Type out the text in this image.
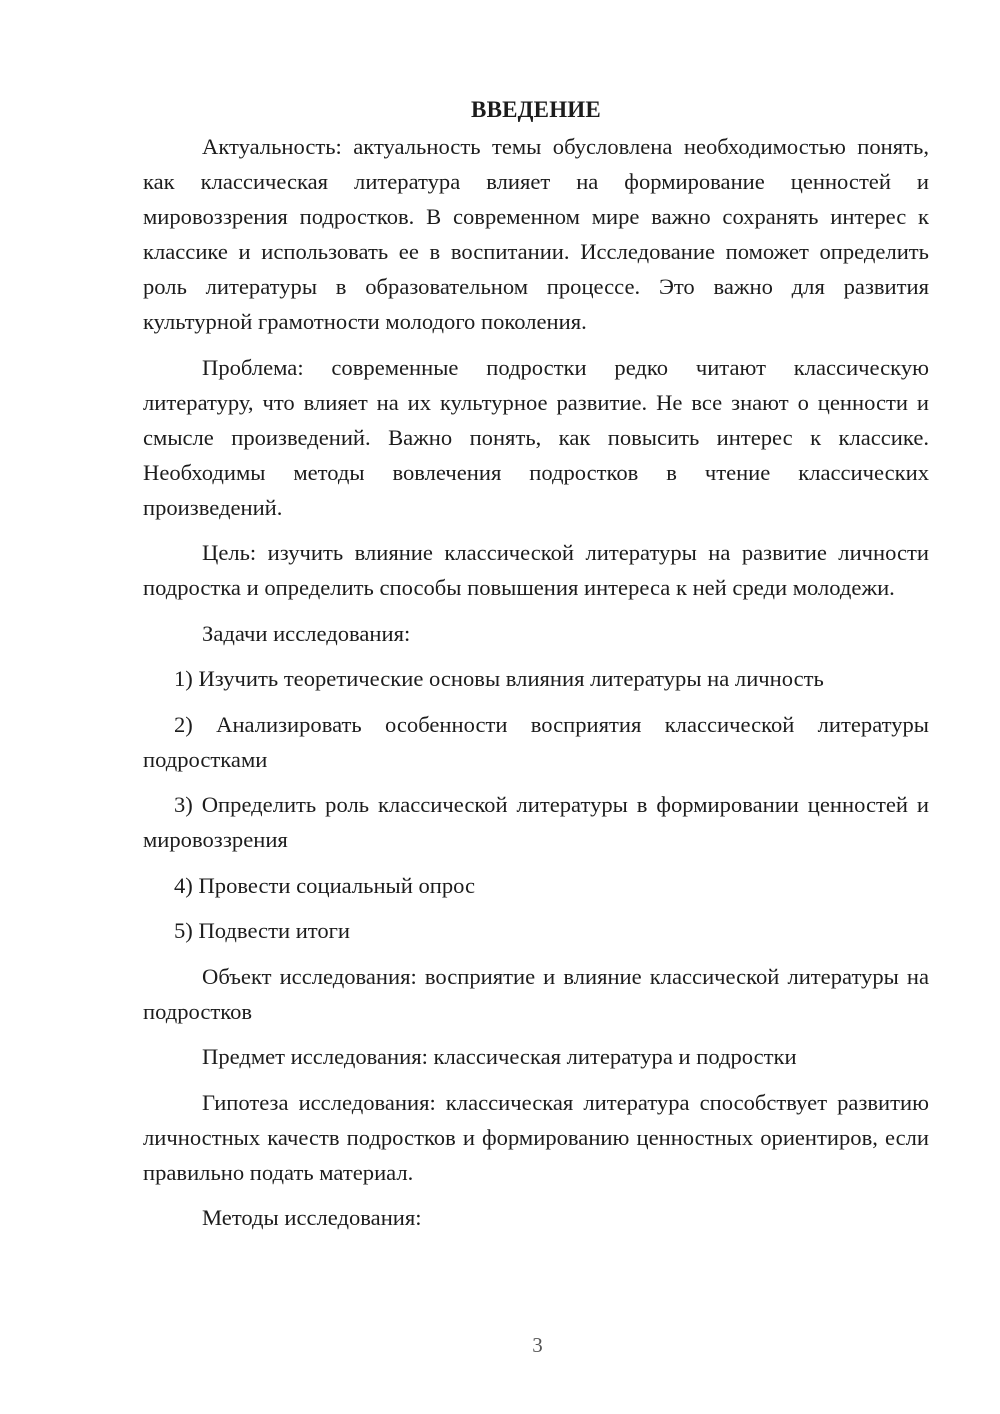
ВВЕДЕНИЕ

Актуальность: актуальность темы обусловлена необходимостью понять, как классическая литература влияет на формирование ценностей и мировоззрения подростков. В современном мире важно сохранять интерес к классике и использовать ее в воспитании. Исследование поможет определить роль литературы в образовательном процессе. Это важно для развития культурной грамотности молодого поколения.

Проблема: современные подростки редко читают классическую литературу, что влияет на их культурное развитие. Не все знают о ценности и смысле произведений. Важно понять, как повысить интерес к классике. Необходимы методы вовлечения подростков в чтение классических произведений.

Цель: изучить влияние классической литературы на развитие личности подростка и определить способы повышения интереса к ней среди молодежи.

Задачи исследования:

1) Изучить теоретические основы влияния литературы на личность

2) Анализировать особенности восприятия классической литературы подростками

3) Определить роль классической литературы в формировании ценностей и мировоззрения

4) Провести социальный опрос

5) Подвести итоги

Объект исследования: восприятие и влияние классической литературы на подростков

Предмет исследования: классическая литература и подростки

Гипотеза исследования: классическая литература способствует развитию личностных качеств подростков и формированию ценностных ориентиров, если правильно подать материал.

Методы исследования:

3
